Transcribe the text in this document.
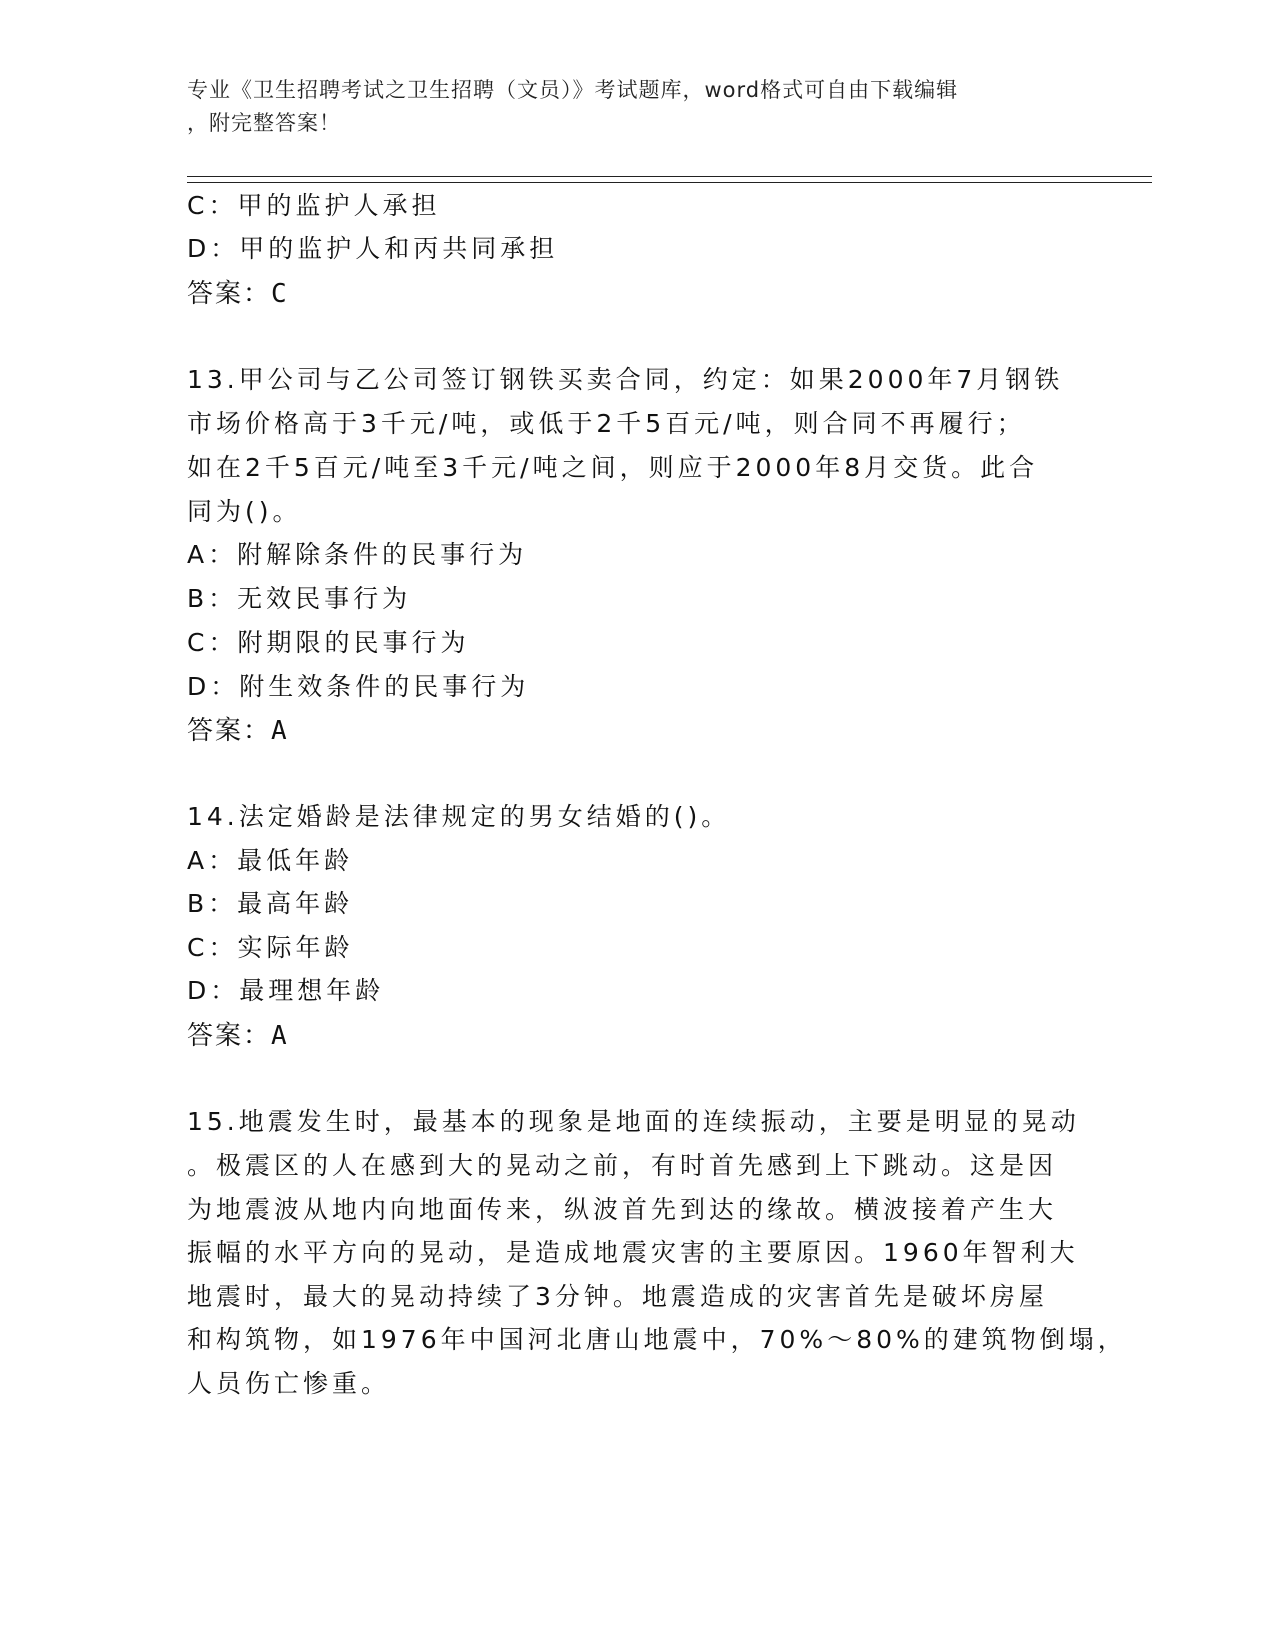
专业《卫生招聘考试之卫生招聘（文员）》考试题库，word格式可自由下载编辑
，附完整答案！
C：甲的监护人承担
D：甲的监护人和丙共同承担
答案：C
13.甲公司与乙公司签订钢铁买卖合同，约定：如果2000年7月钢铁
市场价格高于3千元/吨，或低于2千5百元/吨，则合同不再履行；
如在2千5百元/吨至3千元/吨之间，则应于2000年8月交货。此合
同为()。
A：附解除条件的民事行为
B：无效民事行为
C：附期限的民事行为
D：附生效条件的民事行为
答案：A
14.法定婚龄是法律规定的男女结婚的()。
A：最低年龄
B：最高年龄
C：实际年龄
D：最理想年龄
答案：A
15.地震发生时，最基本的现象是地面的连续振动，主要是明显的晃动
。极震区的人在感到大的晃动之前，有时首先感到上下跳动。这是因
为地震波从地内向地面传来，纵波首先到达的缘故。横波接着产生大
振幅的水平方向的晃动，是造成地震灾害的主要原因。1960年智利大
地震时，最大的晃动持续了3分钟。地震造成的灾害首先是破坏房屋
和构筑物，如1976年中国河北唐山地震中，70%～80%的建筑物倒塌，
人员伤亡惨重。
